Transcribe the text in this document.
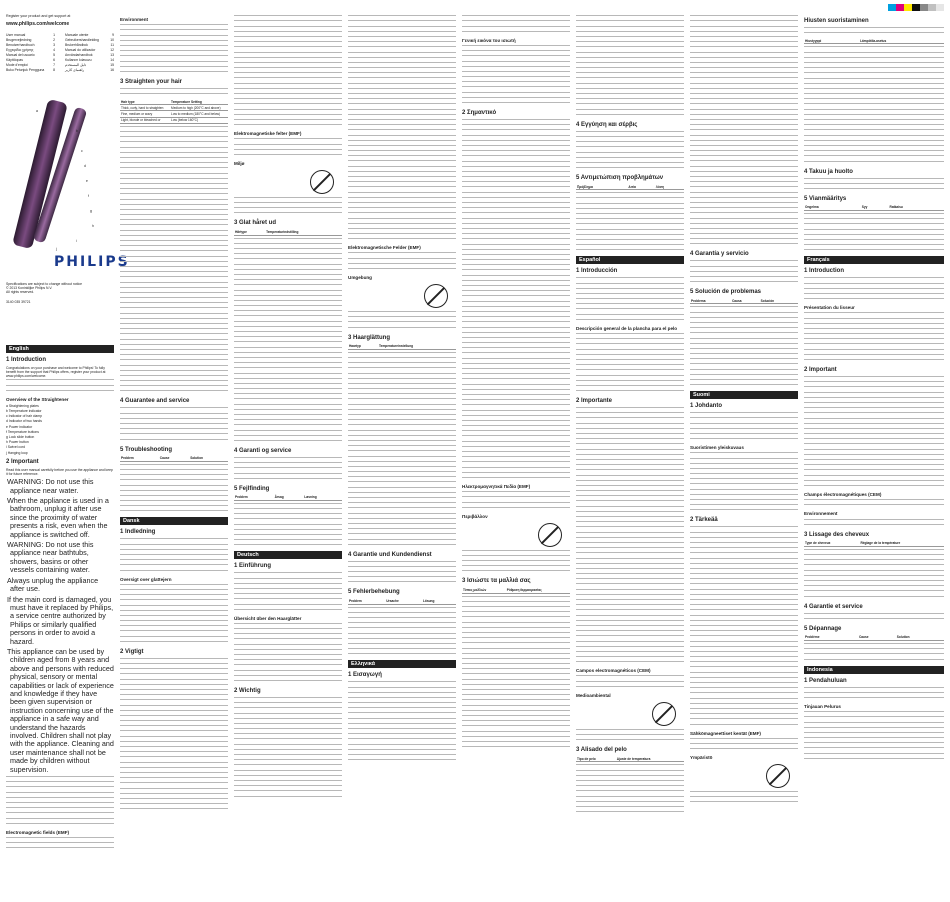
Register your product and get support at
www.philips.com/welcome
User manual	1
Brugervejledning	2
Benutzerhandbuch	3
Εγχειρίδιο χρήσης	4
Manual del usuario	5
Käyttöopas	6
Mode d'emploi	7
Buku Petunjuk Pengguna	8
Manuale utente	9
Gebruikershandleiding	10
Brukerhåndbok	11
Manual do utilizador	12
Användarhandbok	13
Kullanım kılavuzu	14
دليل المستخدم	15
راهنمای کاربر	16
a
b
c
d
e
f
g
h
i
j
PHILIPS
Specifications are subject to change without notice
© 2013 Koninklijke Philips N.V.
All rights reserved.
3140 035 39721
English
1 Introduction

Congratulations on your purchase and welcome to Philips! To fully benefit from the support that Philips offers, register your product at www.philips.com/welcome.

Overview of the Straightener

a Straightening plates

b Temperature indicator

c Indicator of hair clamp

d Indicator of two hands

e Power indicator

f Temperature buttons

g Lock slide button

h Power button

i Swivel cord

j Hanging loop

2 Important

Read this user manual carefully before you use the appliance and keep it for future reference.

WARNING: Do not use this appliance near water.
When the appliance is used in a bathroom, unplug it after use since the proximity of water presents a risk, even when the appliance is switched off.
WARNING: Do not use this appliance near bathtubs, showers, basins or other vessels containing water.
Always unplug the appliance after use.
If the main cord is damaged, you must have it replaced by Philips, a service centre authorized by Philips or similarly qualified persons in order to avoid a hazard.
This appliance can be used by children aged from 8 years and above and persons with reduced physical, sensory or mental capabilities or lack of experience and knowledge if they have been given supervision or instruction concerning use of the appliance in a safe way and understand the hazards involved. Children shall not play with the appliance. Cleaning and user maintenance shall not be made by children without supervision.
Electromagnetic fields (EMF)
Environment
3 Straighten your hair
Hair type	Temperature Setting
Thick, curly, hard to straighten	Medium to high (200°C and above)
Fine, medium or wavy	Low to medium (180°C and below)
Light, blonde or bleached or	Low (below 160°C)
4 Guarantee and service
5 Troubleshooting
Problem	Cause	Solution
Dansk
1 Indledning
Oversigt over glattejern
2 Vigtigt
Elektromagnetiske felter (EMF)
Miljø
3 Glat håret ud
Hårtype	Temperaturindstilling
4 Garanti og service
5 Fejlfinding
Problem	Årsag	Løsning
Deutsch
1 Einführung
Übersicht über den Haarglätter
2 Wichtig
Elektromagnetische Felder (EMF)
Umgebung
3 Haarglättung
Haartyp	Temperatureinstellung
4 Garantie und Kundendienst
5 Fehlerbehebung
Problem	Ursache	Lösung
Ελληνικά
1 Εισαγωγή
Γενική εικόνα του ισιωτή
2 Σημαντικό
Ηλεκτρομαγνητικά Πεδία (EMF)
Περιβάλλον
3 Ισιώστε τα μαλλιά σας
Τύπος μαλλιών	Ρύθμιση θερμοκρασίας
4 Εγγύηση και σέρβις
5 Αντιμετώπιση προβλημάτων
Πρόβλημα	Αιτία	Λύση
Español
1 Introducción
Descripción general de la plancha para el pelo
2 Importante
Campos electromagnéticos (CEM)
Medioambiental
3 Alisado del pelo
Tipo de pelo	Ajuste de temperatura
4 Garantía y servicio
5 Solución de problemas
Problema	Causa	Solución
Suomi
1 Johdanto
Suoristimen yleiskuvaus
2 Tärkeää
Sähkömagneettiset kentät (EMF)
Ympäristö
Hiusten suoristaminen
Hiustyyppi	Lämpötila-asetus
4 Takuu ja huolto
5 Vianmääritys
Ongelma	Syy	Ratkaisu
Français
1 Introduction
Présentation du lisseur
2 Important
Champs électromagnétiques (CEM)
Environnement
3 Lissage des cheveux
Type de cheveux	Réglage de la température
4 Garantie et service
5 Dépannage
Problème	Cause	Solution
Indonesia
1 Pendahuluan
Tinjauan Pelurus
